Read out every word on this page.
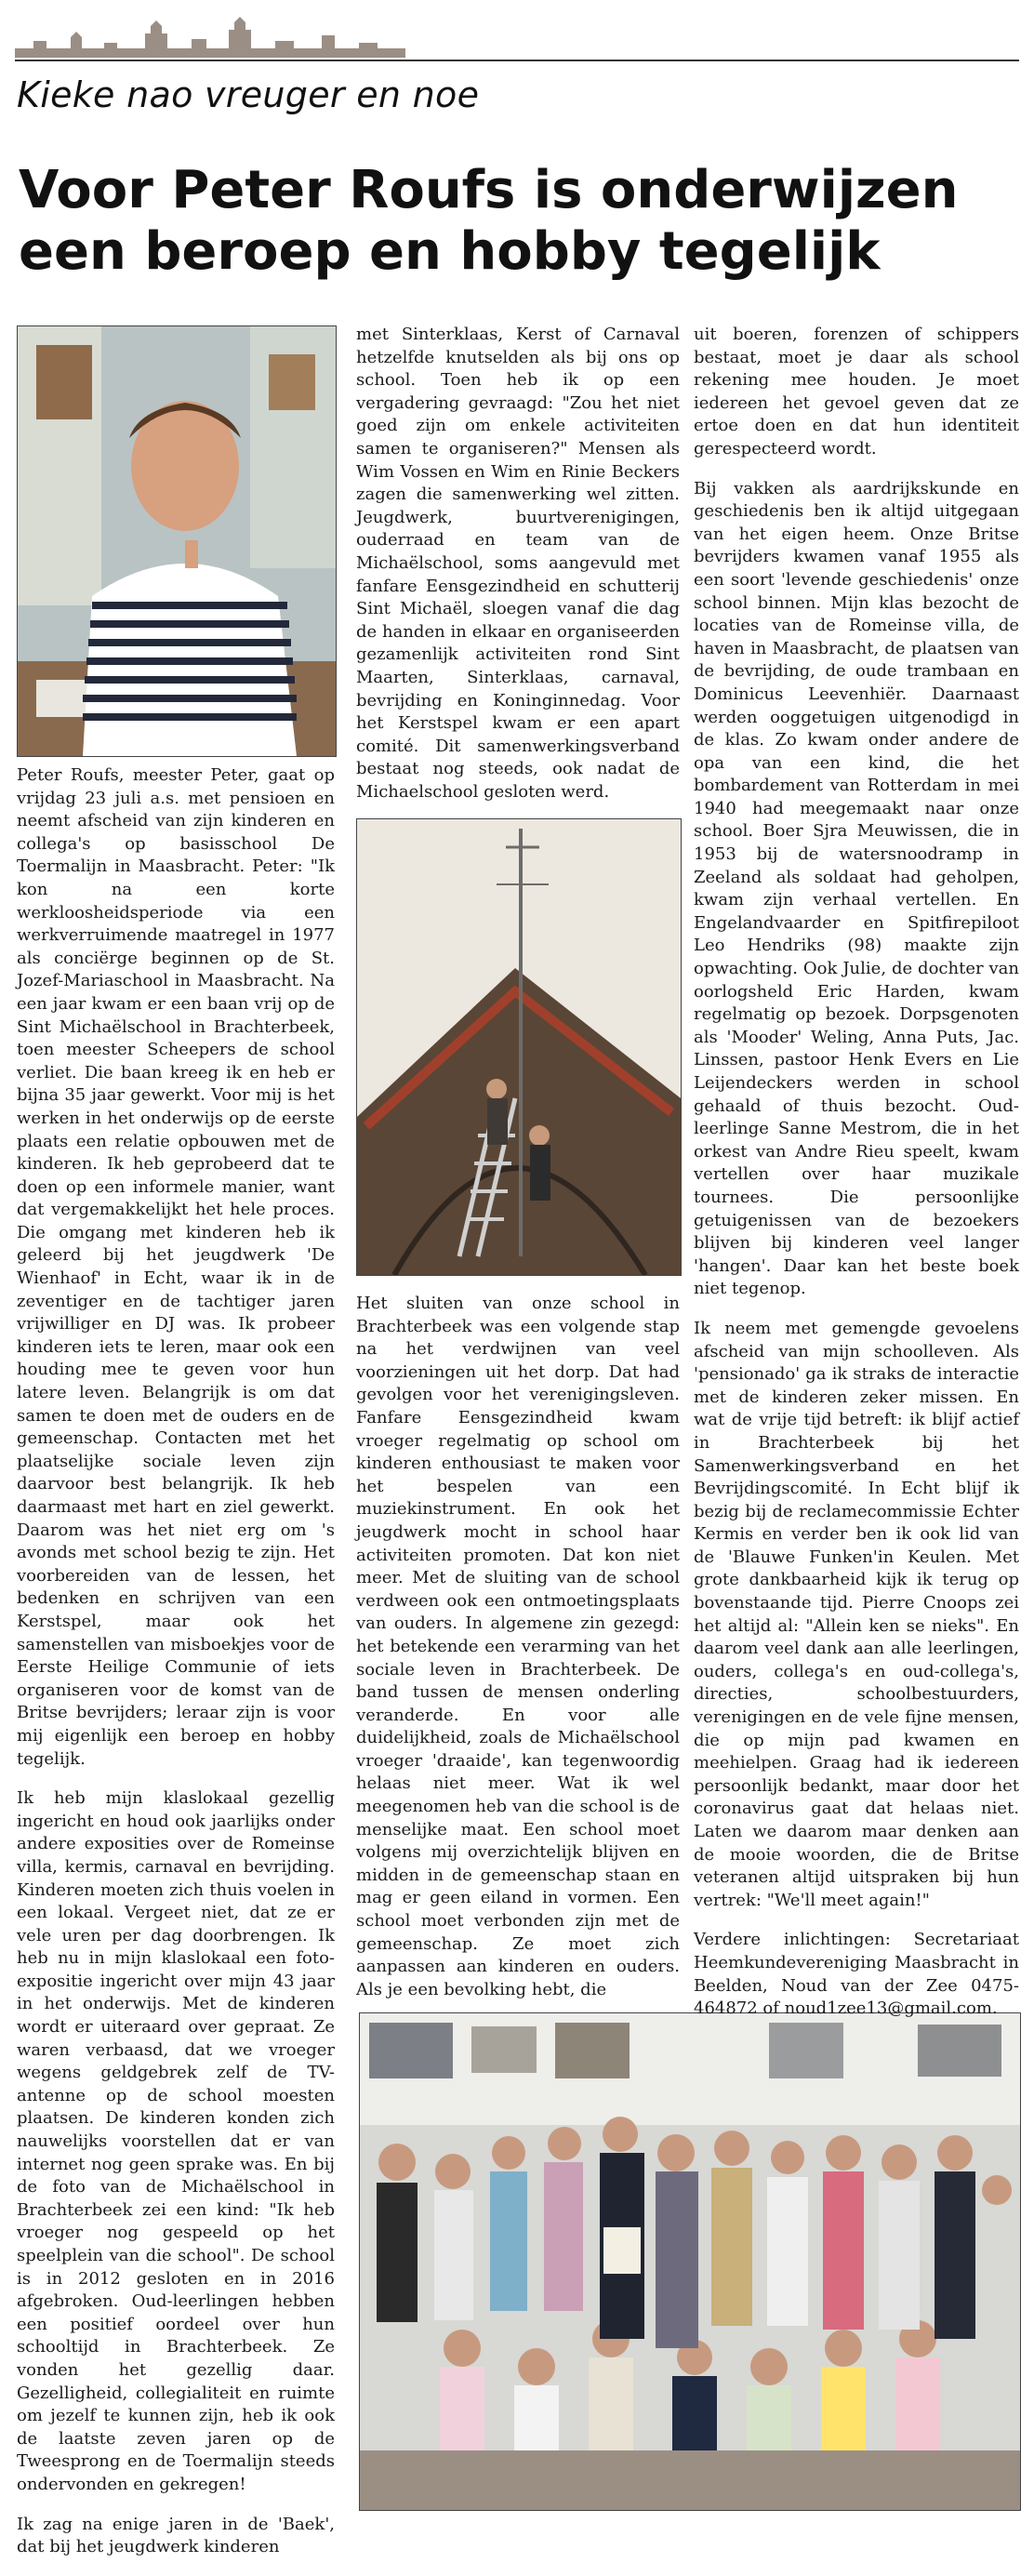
Kieke nao vreuger en noe
Voor Peter Roufs is onderwijzen een beroep en hobby tegelijk

Peter Roufs, meester Peter, gaat op vrijdag 23 juli a.s. met pensioen en neemt afscheid van zijn kinderen en collega's op basisschool De Toermalijn in Maasbracht. Peter: "Ik kon na een korte werkloosheidsperiode via een werkverruimende maatregel in 1977 als conciërge beginnen op de St. Jozef-Mariaschool in Maasbracht. Na een jaar kwam er een baan vrij op de Sint Michaëlschool in Brachterbeek, toen meester Scheepers de school verliet. Die baan kreeg ik en heb er bijna 35 jaar gewerkt. Voor mij is het werken in het onderwijs op de eerste plaats een relatie opbouwen met de kinderen. Ik heb geprobeerd dat te doen op een informele manier, want dat vergemakkelijkt het hele proces. Die omgang met kinderen heb ik geleerd bij het jeugdwerk 'De Wienhaof' in Echt, waar ik in de zeventiger en de tachtiger jaren vrijwilliger en DJ was. Ik probeer kinderen iets te leren, maar ook een houding mee te geven voor hun latere leven. Belangrijk is om dat samen te doen met de ouders en de gemeenschap. Contacten met het plaatselijke sociale leven zijn daarvoor best belangrijk. Ik heb daarmaast met hart en ziel gewerkt. Daarom was het niet erg om 's avonds met school bezig te zijn. Het voorbereiden van de lessen, het bedenken en schrijven van een Kerstspel, maar ook het samenstellen van misboekjes voor de Eerste Heilige Communie of iets organiseren voor de komst van de Britse bevrijders; leraar zijn is voor mij eigenlijk een beroep en hobby tegelijk.

Ik heb mijn klaslokaal gezellig ingericht en houd ook jaarlijks onder andere exposities over de Romeinse villa, kermis, carnaval en bevrijding. Kinderen moeten zich thuis voelen in een lokaal. Vergeet niet, dat ze er vele uren per dag doorbrengen. Ik heb nu in mijn klaslokaal een foto-expositie ingericht over mijn 43 jaar in het onderwijs. Met de kinderen wordt er uiteraard over gepraat. Ze waren verbaasd, dat we vroeger wegens geldgebrek zelf de TV-antenne op de school moesten plaatsen. De kinderen konden zich nauwelijks voorstellen dat er van internet nog geen sprake was. En bij de foto van de Michaëlschool in Brachterbeek zei een kind: "Ik heb vroeger nog gespeeld op het speelplein van die school". De school is in 2012 gesloten en in 2016 afgebroken. Oud-leerlingen hebben een positief oordeel over hun schooltijd in Brachterbeek. Ze vonden het gezellig daar. Gezelligheid, collegialiteit en ruimte om jezelf te kunnen zijn, heb ik ook de laatste zeven jaren op de Tweesprong en de Toermalijn steeds ondervonden en gekregen!

Ik zag na enige jaren in de 'Baek', dat bij het jeugdwerk kinderen

met Sinterklaas, Kerst of Carnaval hetzelfde knutselden als bij ons op school. Toen heb ik op een vergadering gevraagd: "Zou het niet goed zijn om enkele activiteiten samen te organiseren?" Mensen als Wim Vossen en Wim en Rinie Beckers zagen die samenwerking wel zitten. Jeugdwerk, buurtverenigingen, ouderraad en team van de Michaëlschool, soms aangevuld met fanfare Eensgezindheid en schutterij Sint Michaël, sloegen vanaf die dag de handen in elkaar en organiseerden gezamenlijk activiteiten rond Sint Maarten, Sinterklaas, carnaval, bevrijding en Koninginnedag. Voor het Kerstspel kwam er een apart comité. Dit samenwerkingsverband bestaat nog steeds, ook nadat de Michaelschool gesloten werd.

Het sluiten van onze school in Brachterbeek was een volgende stap na het verdwijnen van veel voorzieningen uit het dorp. Dat had gevolgen voor het verenigingsleven. Fanfare Eensgezindheid kwam vroeger regelmatig op school om kinderen enthousiast te maken voor het bespelen van een muziekinstrument. En ook het jeugdwerk mocht in school haar activiteiten promoten. Dat kon niet meer. Met de sluiting van de school verdween ook een ontmoetingsplaats van ouders. In algemene zin gezegd: het betekende een verarming van het sociale leven in Brachterbeek. De band tussen de mensen onderling veranderde. En voor alle duidelijkheid, zoals de Michaëlschool vroeger 'draaide', kan tegenwoordig helaas niet meer. Wat ik wel meegenomen heb van die school is de menselijke maat. Een school moet volgens mij overzichtelijk blijven en midden in de gemeenschap staan en mag er geen eiland in vormen. Een school moet verbonden zijn met de gemeenschap. Ze moet zich aanpassen aan kinderen en ouders. Als je een bevolking hebt, die

uit boeren, forenzen of schippers bestaat, moet je daar als school rekening mee houden. Je moet iedereen het gevoel geven dat ze ertoe doen en dat hun identiteit gerespecteerd wordt.

Bij vakken als aardrijkskunde en geschiedenis ben ik altijd uitgegaan van het eigen heem. Onze Britse bevrijders kwamen vanaf 1955 als een soort 'levende geschiedenis' onze school binnen. Mijn klas bezocht de locaties van de Romeinse villa, de haven in Maasbracht, de plaatsen van de bevrijding, de oude trambaan en Dominicus Leevenhiër. Daarnaast werden ooggetuigen uitgenodigd in de klas. Zo kwam onder andere de opa van een kind, die het bombardement van Rotterdam in mei 1940 had meegemaakt naar onze school. Boer Sjra Meuwissen, die in 1953 bij de watersnoodramp in Zeeland als soldaat had geholpen, kwam zijn verhaal vertellen. En Engelandvaarder en Spitfirepiloot Leo Hendriks (98) maakte zijn opwachting. Ook Julie, de dochter van oorlogsheld Eric Harden, kwam regelmatig op bezoek. Dorpsgenoten als 'Mooder' Weling, Anna Puts, Jac. Linssen, pastoor Henk Evers en Lie Leijendeckers werden in school gehaald of thuis bezocht. Oud-leerlinge Sanne Mestrom, die in het orkest van Andre Rieu speelt, kwam vertellen over haar muzikale tournees. Die persoonlijke getuigenissen van de bezoekers blijven bij kinderen veel langer 'hangen'. Daar kan het beste boek niet tegenop.

Ik neem met gemengde gevoelens afscheid van mijn schoolleven. Als 'pensionado' ga ik straks de interactie met de kinderen zeker missen. En wat de vrije tijd betreft: ik blijf actief in Brachterbeek bij het Samenwerkingsverband en het Bevrijdingscomité. In Echt blijf ik bezig bij de reclamecommissie Echter Kermis en verder ben ik ook lid van de 'Blauwe Funken'in Keulen. Met grote dankbaarheid kijk ik terug op bovenstaande tijd. Pierre Cnoops zei het altijd al: "Allein ken se nieks". En daarom veel dank aan alle leerlingen, ouders, collega's en oud-collega's, directies, schoolbestuurders, verenigingen en de vele fijne mensen, die op mijn pad kwamen en meehielpen. Graag had ik iedereen persoonlijk bedankt, maar door het coronavirus gaat dat helaas niet. Laten we daarom maar denken aan de mooie woorden, die de Britse veteranen altijd uitspraken bij hun vertrek: "We'll meet again!"

Verdere inlichtingen: Secretariaat Heemkundevereniging Maasbracht in Beelden, Noud van der Zee 0475-464872 of noud1zee13@gmail.com.
